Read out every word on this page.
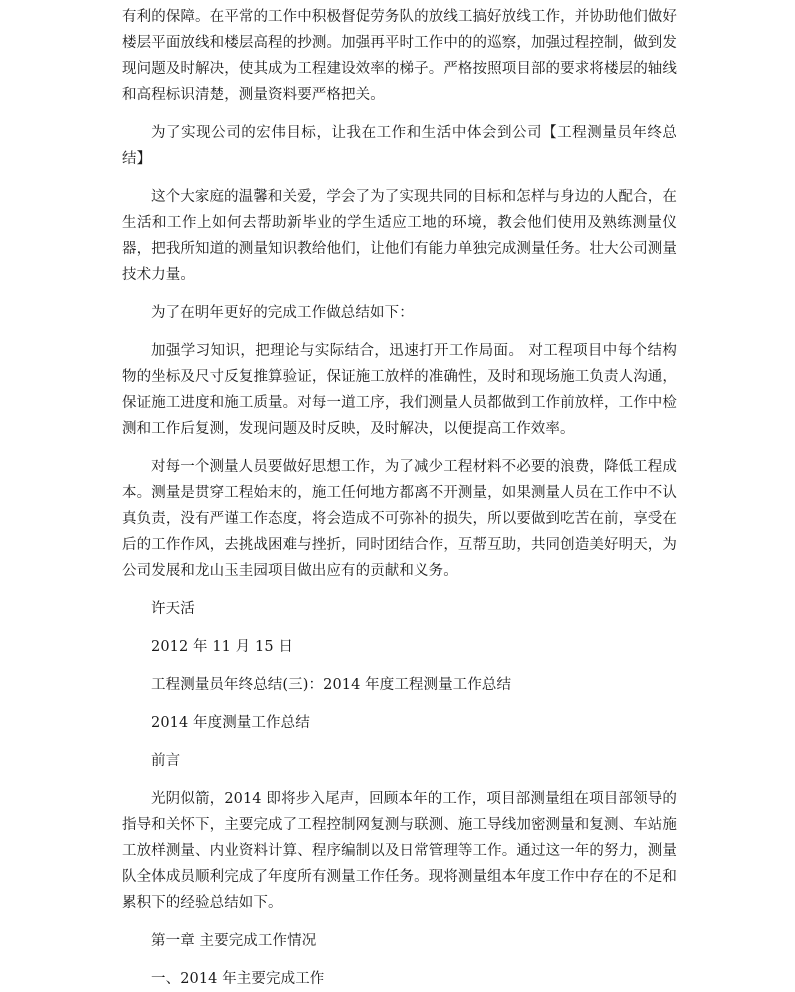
有利的保障。在平常的工作中积极督促劳务队的放线工搞好放线工作，并协助他们做好楼层平面放线和楼层高程的抄测。加强再平时工作中的的巡察，加强过程控制，做到发现问题及时解决，使其成为工程建设效率的梯子。严格按照项目部的要求将楼层的轴线和高程标识清楚，测量资料要严格把关。

为了实现公司的宏伟目标，让我在工作和生活中体会到公司【工程测量员年终总结】

这个大家庭的温馨和关爱，学会了为了实现共同的目标和怎样与身边的人配合，在生活和工作上如何去帮助新毕业的学生适应工地的环境，教会他们使用及熟练测量仪器，把我所知道的测量知识教给他们，让他们有能力单独完成测量任务。壮大公司测量技术力量。

为了在明年更好的完成工作做总结如下：

加强学习知识，把理论与实际结合，迅速打开工作局面。 对工程项目中每个结构物的坐标及尺寸反复推算验证，保证施工放样的准确性，及时和现场施工负责人沟通，保证施工进度和施工质量。对每一道工序，我们测量人员都做到工作前放样，工作中检测和工作后复测，发现问题及时反映，及时解决，以便提高工作效率。

对每一个测量人员要做好思想工作，为了减少工程材料不必要的浪费，降低工程成本。测量是贯穿工程始末的，施工任何地方都离不开测量，如果测量人员在工作中不认真负责，没有严谨工作态度，将会造成不可弥补的损失，所以要做到吃苦在前，享受在后的工作作风，去挑战困难与挫折，同时团结合作，互帮互助，共同创造美好明天，为公司发展和龙山玉圭园项目做出应有的贡献和义务。

许天活

2012 年 11 月 15 日

工程测量员年终总结(三)：2014 年度工程测量工作总结

2014 年度测量工作总结

前言

光阴似箭，2014 即将步入尾声，回顾本年的工作，项目部测量组在项目部领导的指导和关怀下，主要完成了工程控制网复测与联测、施工导线加密测量和复测、车站施工放样测量、内业资料计算、程序编制以及日常管理等工作。通过这一年的努力，测量队全体成员顺利完成了年度所有测量工作任务。现将测量组本年度工作中存在的不足和累积下的经验总结如下。

第一章 主要完成工作情况

一、2014 年主要完成工作
